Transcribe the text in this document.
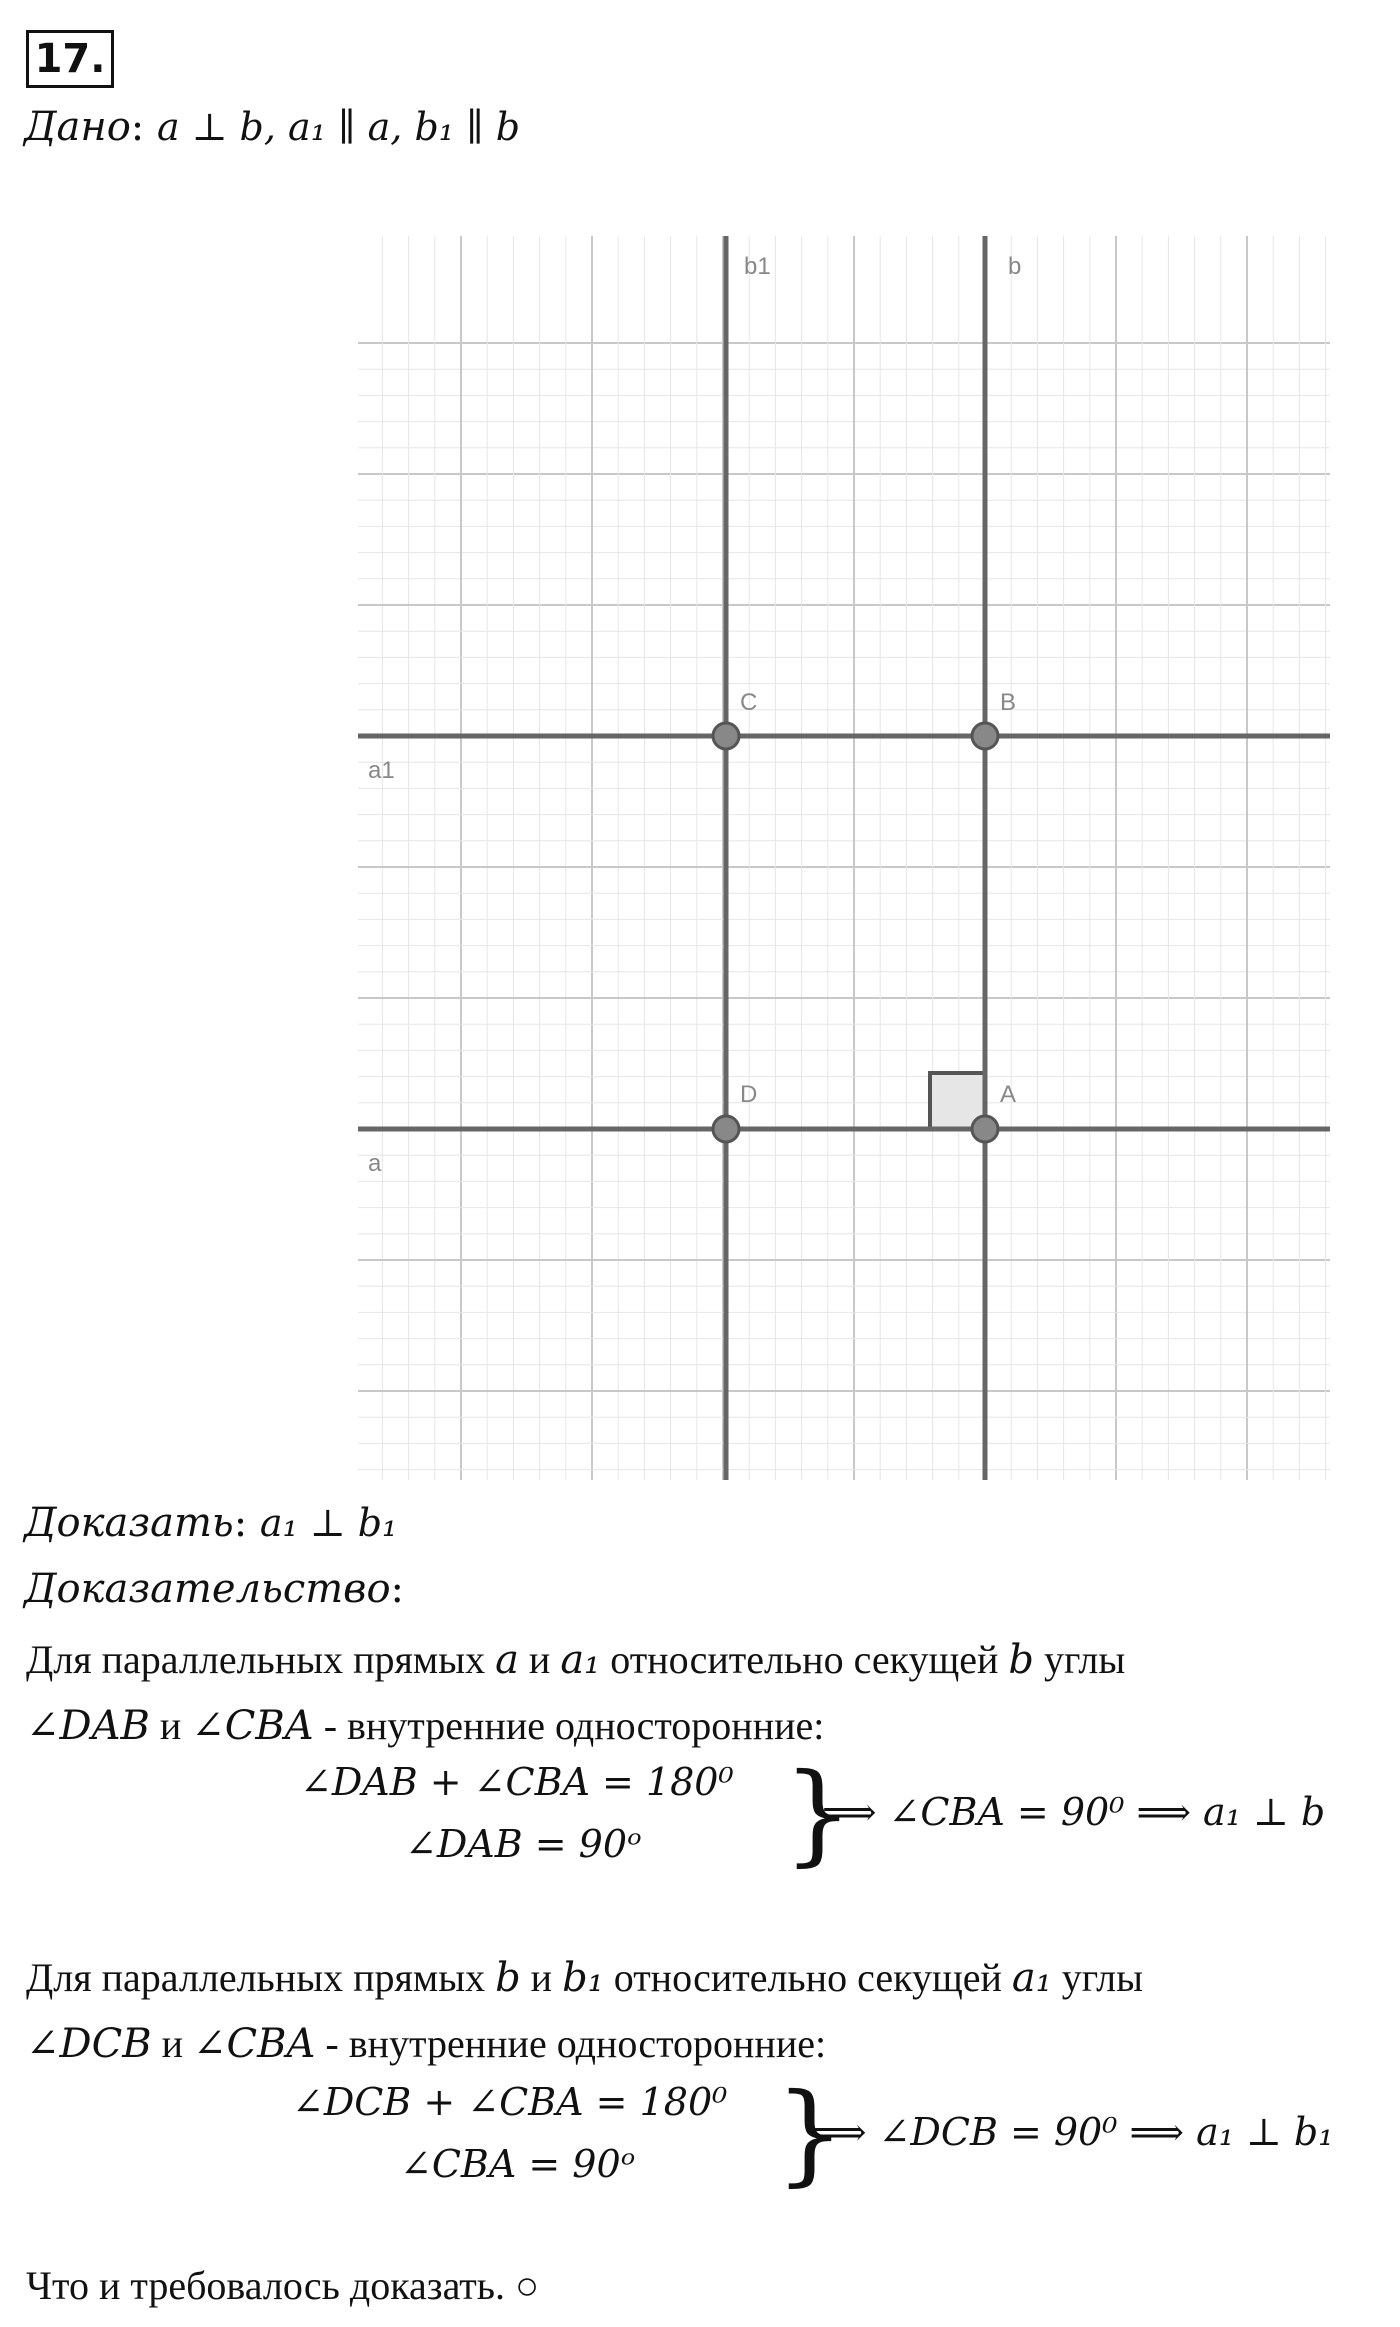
17.
Дано: a ⊥ b, a₁ ∥ a, b₁ ∥ b
b1	b
a1
a
C	B
D	A
Доказать: a₁ ⊥ b₁
Доказательство:
Для параллельных прямых a и a₁ относительно секущей b углы
∠DAB и ∠CBA - внутренние односторонние:
∠DAB + ∠CBA = 180⁰
∠DAB = 90ᵒ }
⟹ ∠CBA = 90⁰ ⟹ a₁ ⊥ b
Для параллельных прямых b и b₁ относительно секущей a₁ углы
∠DCB и ∠CBA - внутренние односторонние:
∠DCB + ∠CBA = 180⁰
∠CBA = 90ᵒ }
⟹ ∠DCB = 90⁰ ⟹ a₁ ⊥ b₁
Что и требовалось доказать. ○
